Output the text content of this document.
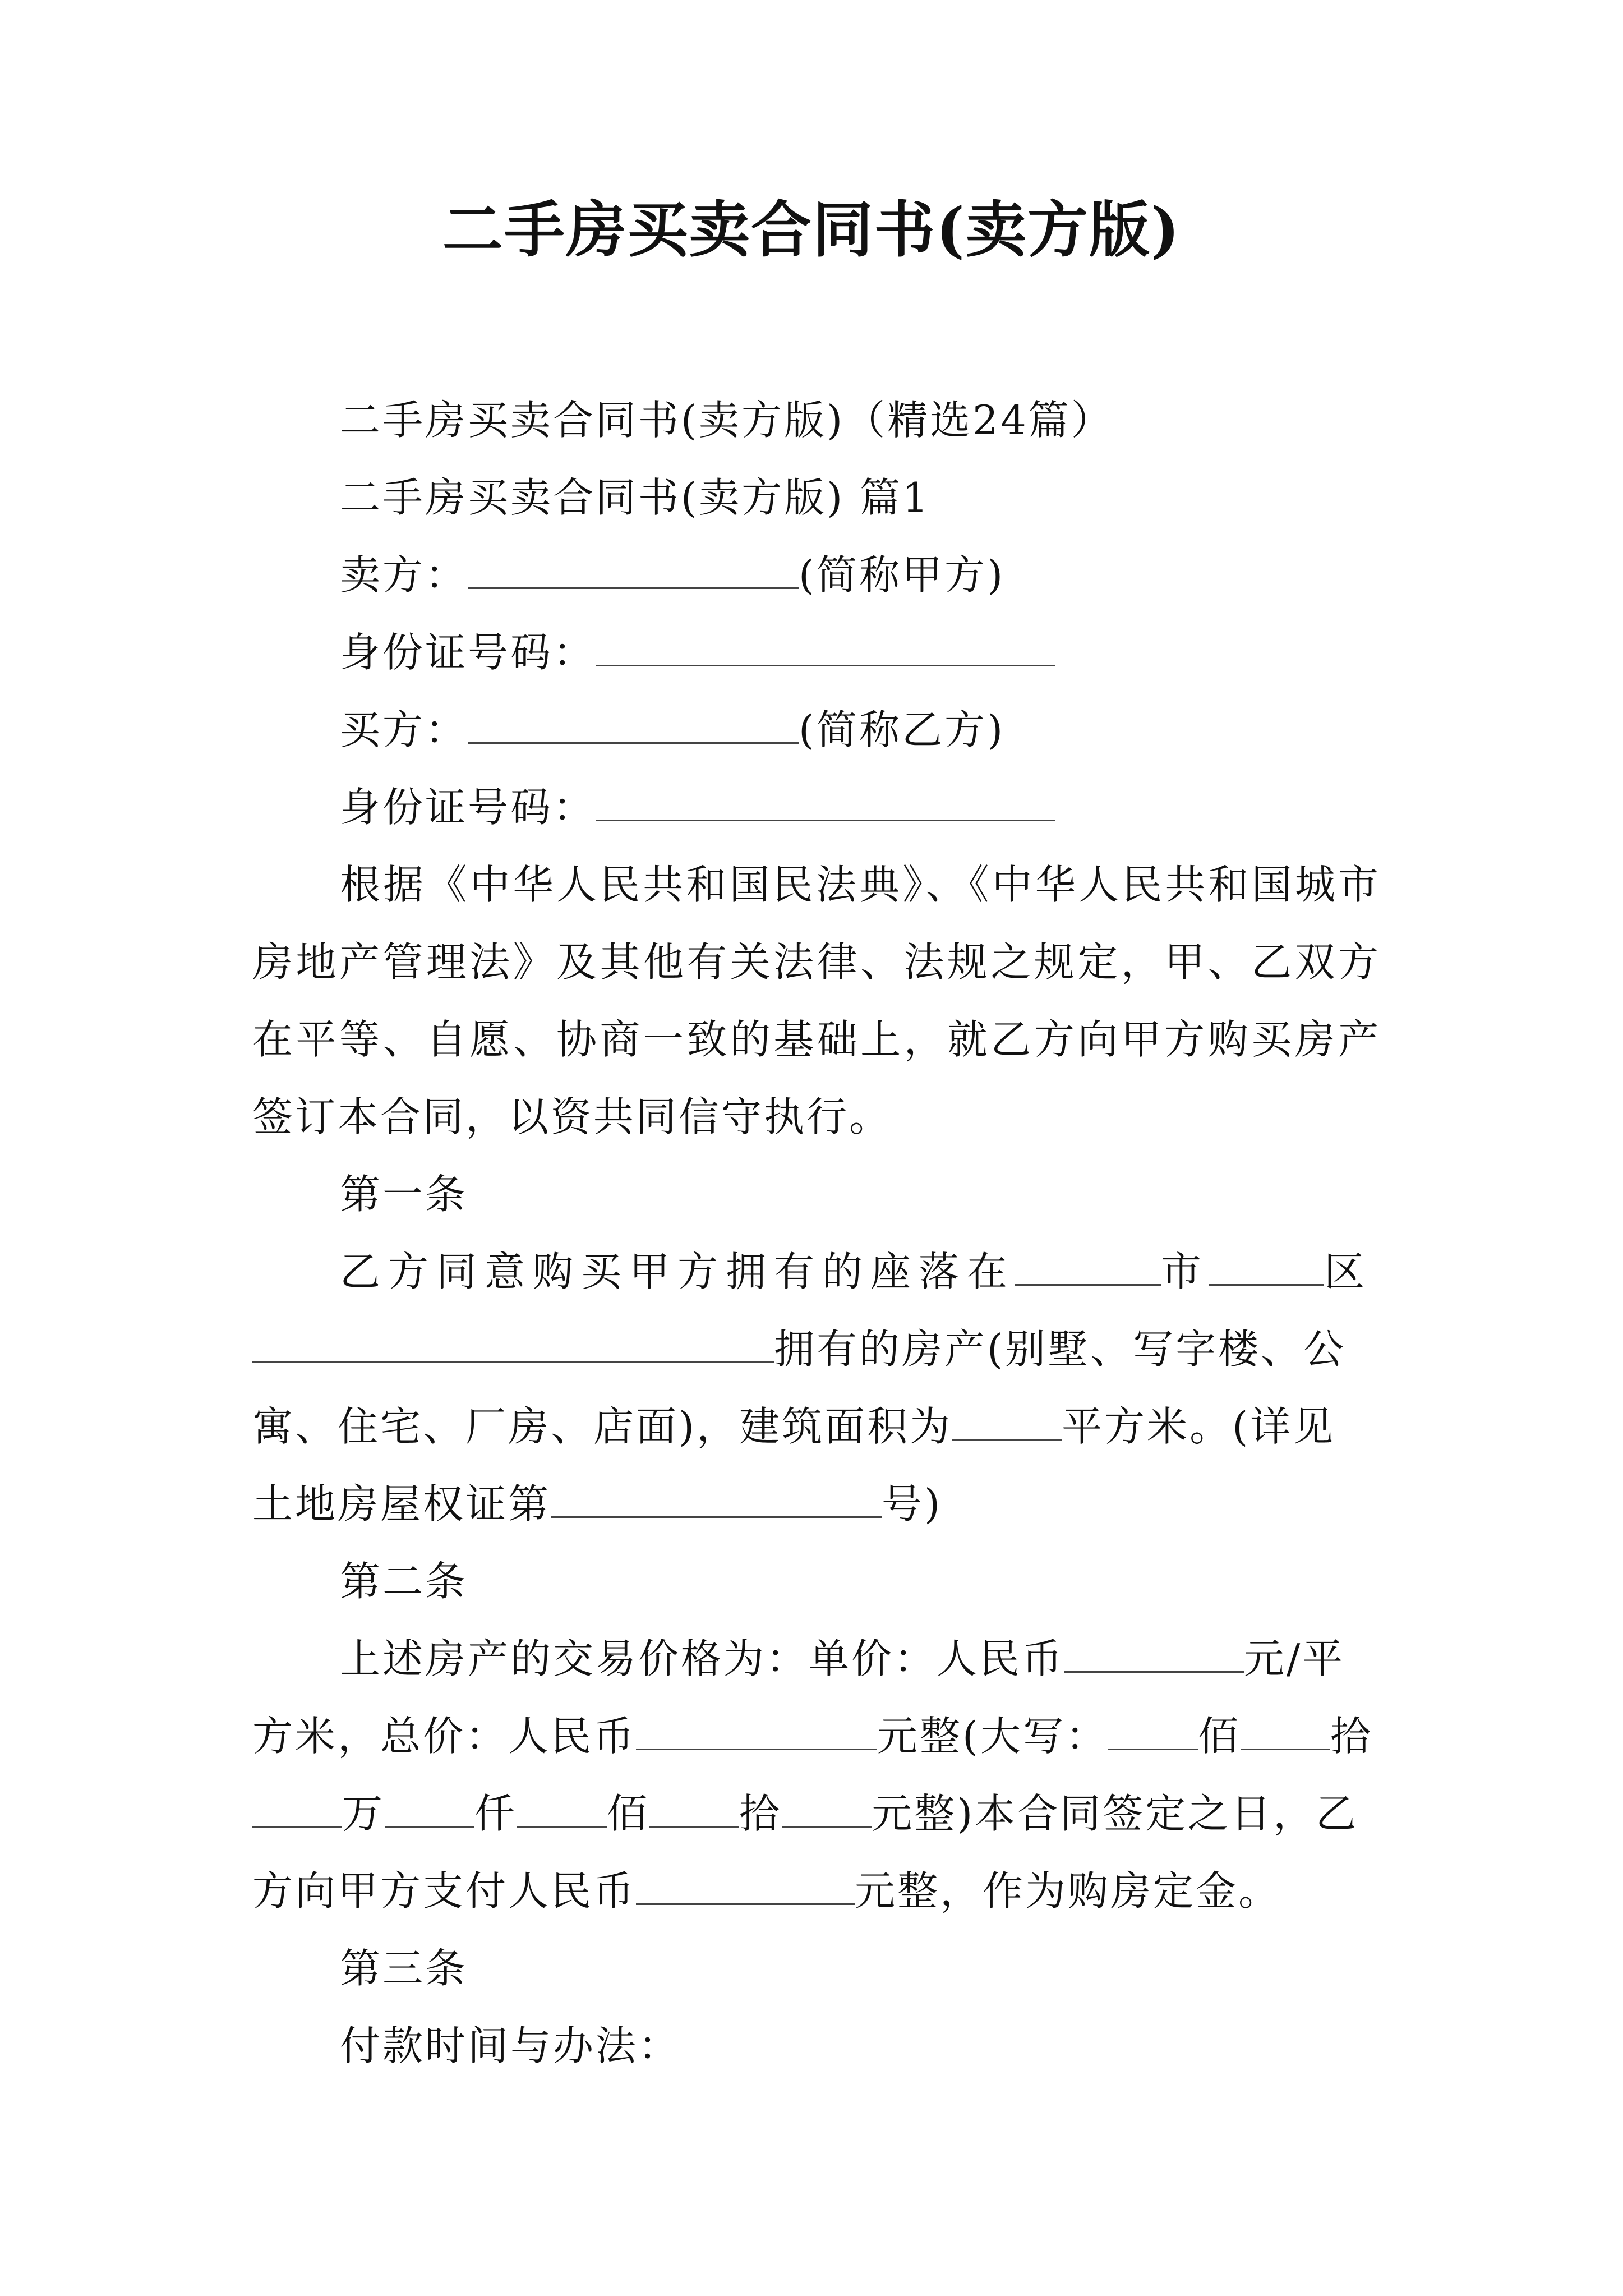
二手房买卖合同书(卖方版)
二手房买卖合同书(卖方版)（精选24篇）
二手房买卖合同书(卖方版) 篇1
卖方：	(简称甲方)
身份证号码：
买方：	(简称乙方)
身份证号码：
根据《中华人民共和国民法典》、《中华人民共和国城市
房地产管理法》及其他有关法律、法规之规定，甲、乙双方
在平等、自愿、协商一致的基础上，就乙方向甲方购买房产
签订本合同，以资共同信守执行。
第一条
乙方同意购买甲方拥有的座落在	市	区
拥有的房产(别墅、写字楼、公
寓、住宅、厂房、店面)，建筑面积为	平方米。(详见
土地房屋权证第	号)
第二条
上述房产的交易价格为：单价：人民币	元/平
方米，总价：人民币	元整(大写： 佰 拾
万 仟 佰 拾 元整)本合同签定之日，乙
方向甲方支付人民币	元整，作为购房定金。
第三条
付款时间与办法：
